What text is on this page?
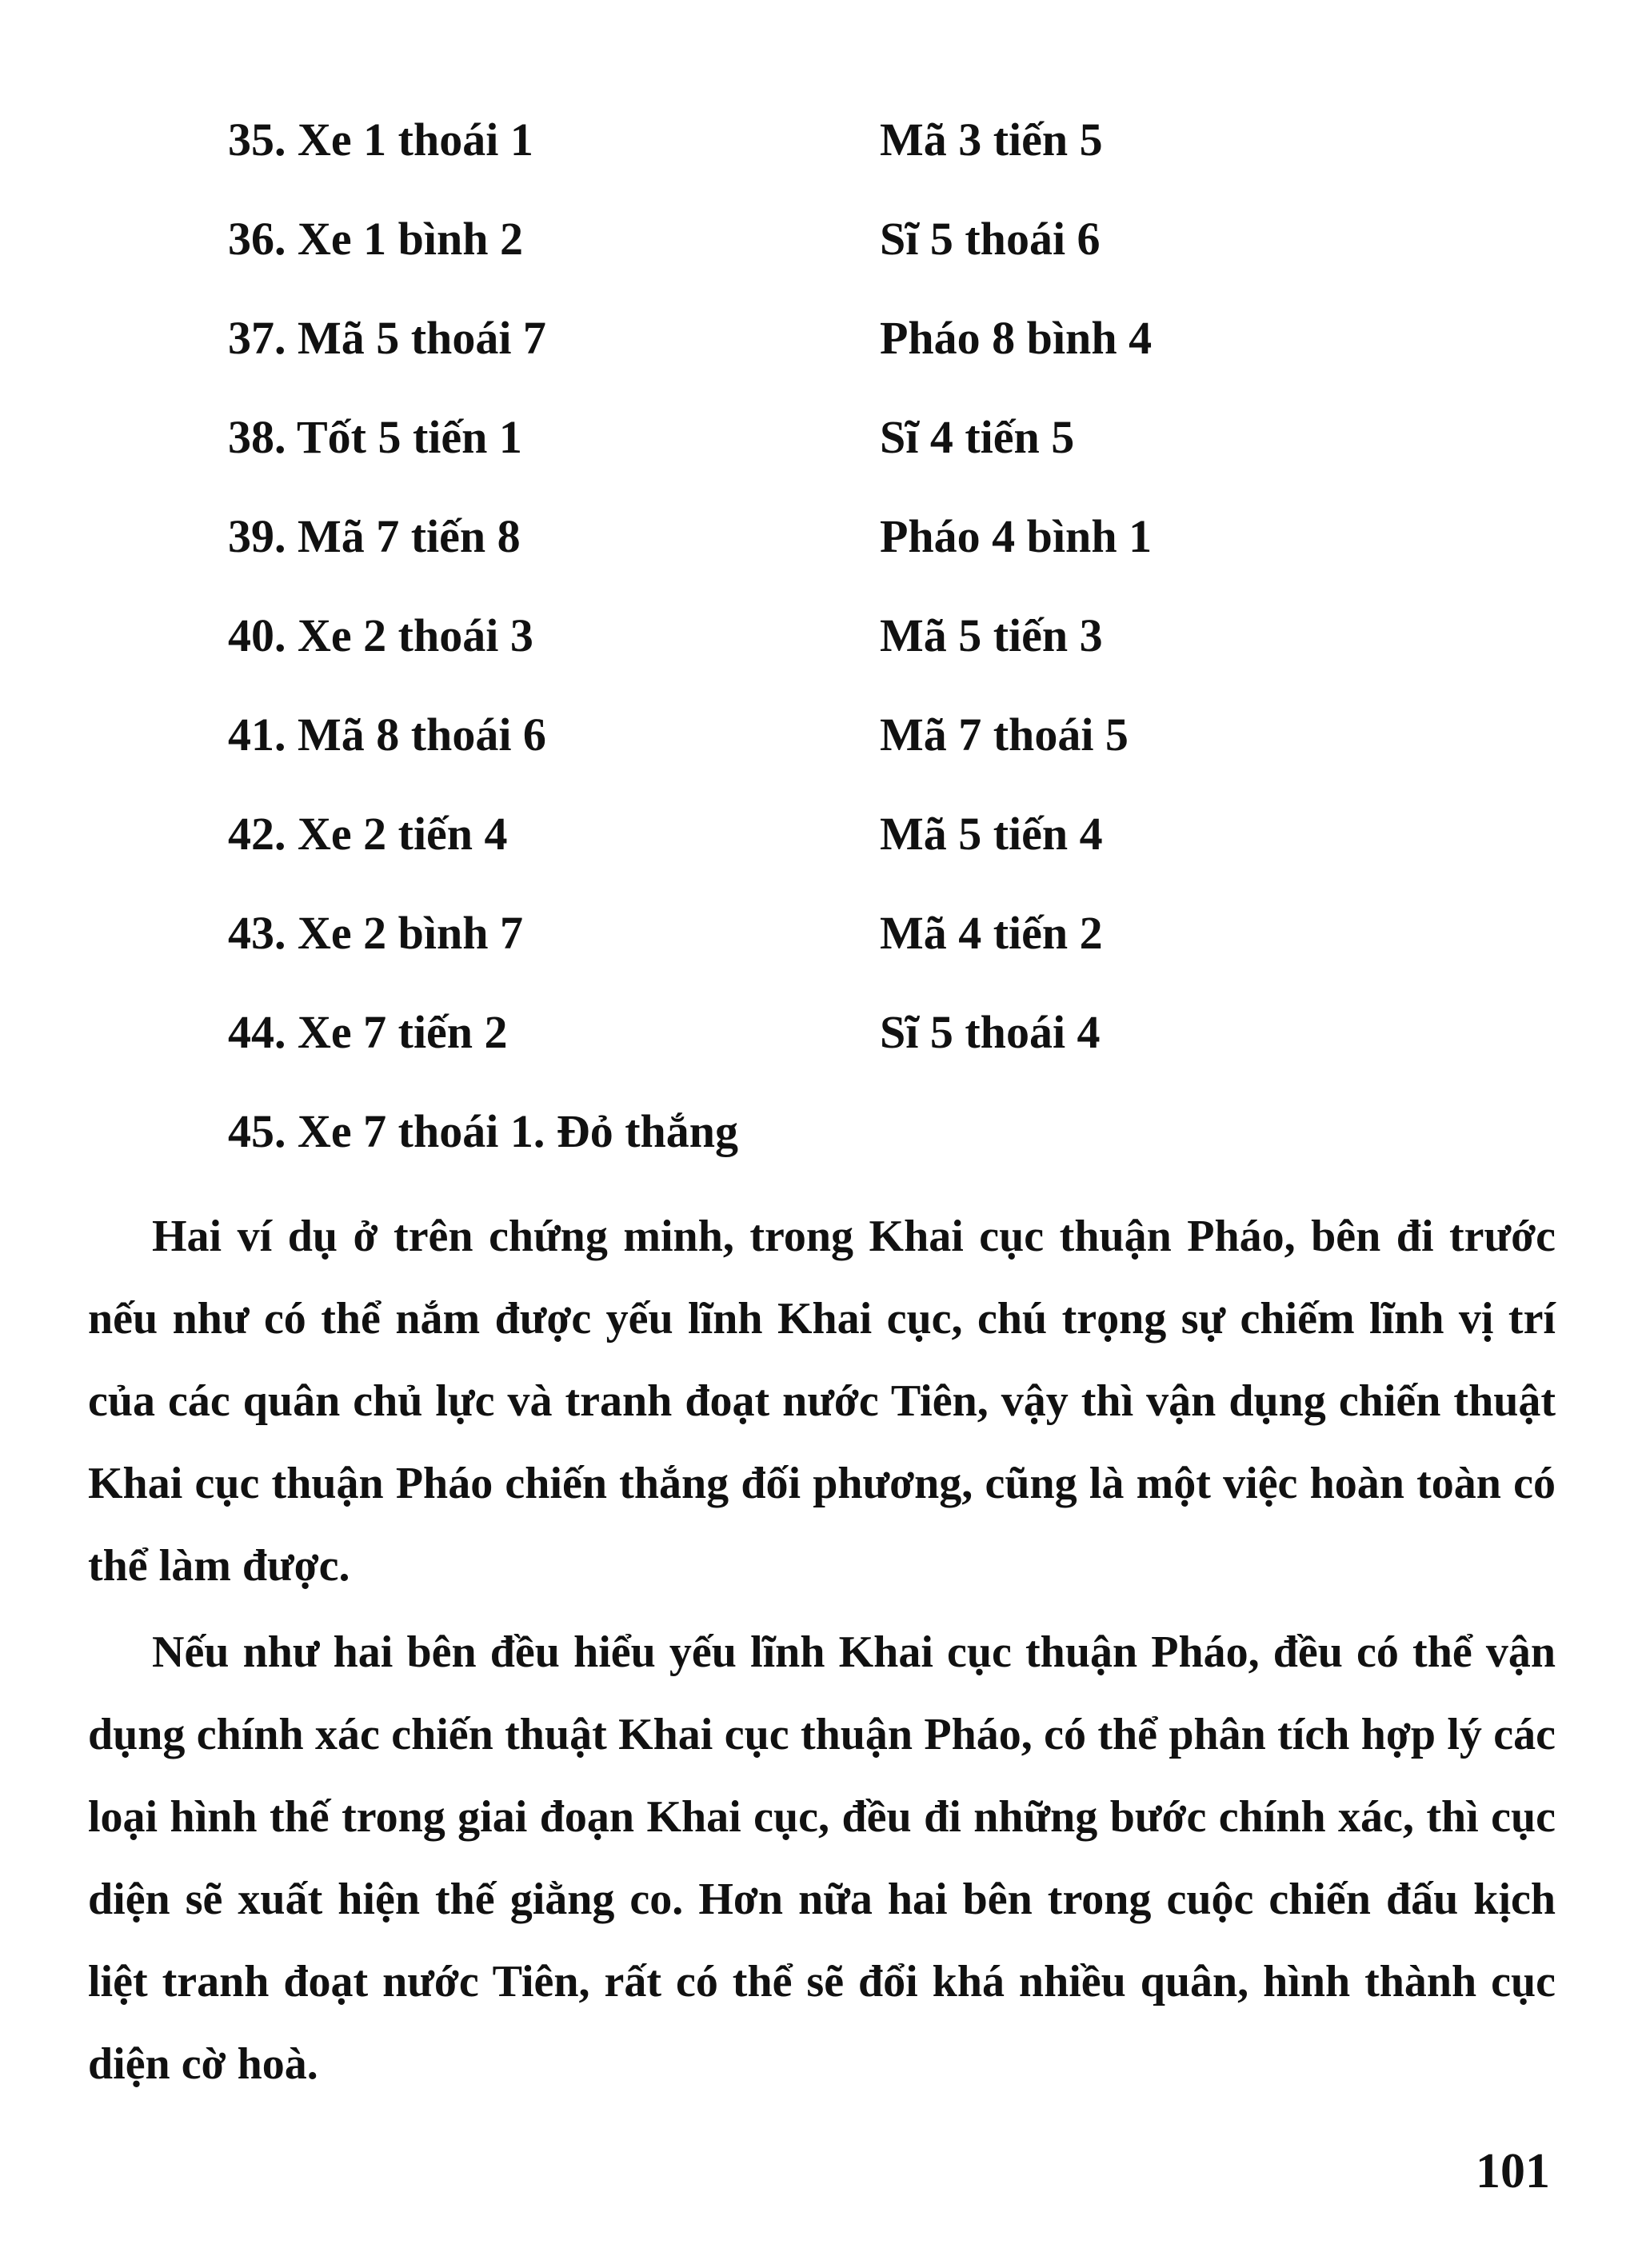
35. Xe 1 thoái 1	Mã 3 tiến 5
36. Xe 1 bình 2	Sĩ 5 thoái 6
37. Mã 5 thoái 7	Pháo 8 bình 4
38. Tốt 5 tiến 1	Sĩ 4 tiến 5
39. Mã 7 tiến 8	Pháo 4 bình 1
40. Xe 2 thoái 3	Mã 5 tiến 3
41. Mã 8 thoái 6	Mã 7 thoái 5
42. Xe 2 tiến 4	Mã 5 tiến 4
43. Xe 2 bình 7	Mã 4 tiến 2
44. Xe 7 tiến 2	Sĩ 5 thoái 4
45. Xe 7 thoái 1. Đỏ thắng

Hai ví dụ ở trên chứng minh, trong Khai cục thuận Pháo, bên đi trước nếu như có thể nắm được yếu lĩnh Khai cục, chú trọng sự chiếm lĩnh vị trí của các quân chủ lực và tranh đoạt nước Tiên, vậy thì vận dụng chiến thuật Khai cục thuận Pháo chiến thắng đối phương, cũng là một việc hoàn toàn có thể làm được.

Nếu như hai bên đều hiểu yếu lĩnh Khai cục thuận Pháo, đều có thể vận dụng chính xác chiến thuật Khai cục thuận Pháo, có thể phân tích hợp lý các loại hình thế trong giai đoạn Khai cục, đều đi những bước chính xác, thì cục diện sẽ xuất hiện thế giằng co. Hơn nữa hai bên trong cuộc chiến đấu kịch liệt tranh đoạt nước Tiên, rất có thể sẽ đổi khá nhiều quân, hình thành cục diện cờ hoà.

101
